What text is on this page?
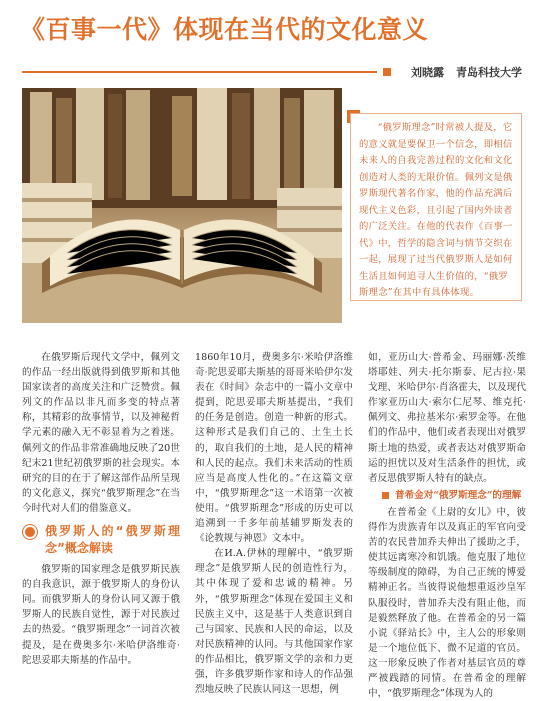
《百事一代》体现在当代的文化意义
刘晓露 青岛科技大学

“俄罗斯理念”时常被人提及，它的意义就是要保卫一个信念，即相信未来人的自我完善过程的文化和文化创造对人类的无限价值。佩列文是俄罗斯现代著名作家，他的作品充满后现代主义色彩，且引起了国内外读者的广泛关注。在他的代表作《百事一代》中，哲学的隐含词与情节交织在一起，展现了过当代俄罗斯人是如何生活且如何追寻人生价值的，“俄罗斯理念”在其中有具体体现。

在俄罗斯后现代文学中，佩列文的作品一经出版就得到俄罗斯和其他国家读者的高度关注和广泛赞赏。佩列文的作品以非凡而多变的特点著称，其精彩的故事情节，以及神秘哲学元素的融入无不彰显着为之着迷。佩列文的作品非常准确地反映了20世纪末21世纪初俄罗斯的社会现实。本研究的目的在于了解这部作品所呈现的文化意义，探究“俄罗斯理念”在当今时代对人们的借鉴意义。

俄罗斯人的“俄罗斯理念”概念解读

俄罗斯的国家理念是俄罗斯民族的自我意识，源于俄罗斯人的身份认同。而俄罗斯人的身份认同又源于俄罗斯人的民族自觉性，源于对民族过去的热爱。“俄罗斯理念”一词首次被提及，是在费奥多尔·米哈伊洛维奇·陀思妥耶夫斯基的作品中。

1860年10月，费奥多尔·米哈伊洛维奇·陀思妥耶夫斯基的哥哥米哈伊尔发表在《时间》杂志中的一篇小文章中提到，陀思妥耶夫斯基提出，“我们的任务是创造。创造一种新的形式。这种形式是我们自己的、土生土长的，取自我们的土地，是人民的精神和人民的起点。我们未来活动的性质应当是高度人性化的。”在这篇文章中，“俄罗斯理念”这一术语第一次被使用。“俄罗斯理念”形成的历史可以追溯到一千多年前基辅罗斯发表的《论教规与神恩》文本中。

在И.А.伊林的理解中，“俄罗斯理念”是俄罗斯人民的创造性行为，其中体现了爱和忠诚的精神。另外，“俄罗斯理念”体现在爱国主义和民族主义中，这是基于人类意识到自己与国家、民族和人民的命运，以及对民族精神的认同。与其他国家作家的作品相比，俄罗斯文学的亲和力更强，许多俄罗斯作家和诗人的作品强烈地反映了民族认同这一思想，例

如，亚历山大·普希金、玛丽娜·茨维塔耶娃、列夫·托尔斯泰、尼古拉·果戈理、米哈伊尔·肖洛霍夫，以及现代作家亚历山大·索尔仁尼琴、维克托·佩列文、弗拉基米尔·索罗金等。在他们的作品中，他们或者表现出对俄罗斯土地的热爱，或者表达对俄罗斯命运的担忧以及对生活条件的担忧，或者反思俄罗斯人特有的缺点。

普希金对“俄罗斯理念”的理解

在普希金《上尉的女儿》中，彼得作为贵族青年以及真正的军官向受苦的农民普加乔夫伸出了援助之手，使其远离寒冷和饥饿。他克服了地位等级制度的障碍，为自己正统的博爱精神正名。当彼得说他想重返沙皇军队服役时，普加乔夫没有阻止他，而是毅然释放了他。在普希金的另一篇小说《驿站长》中，主人公的形象则是一个地位低下、微不足道的官员。这一形象反映了作者对基层官员的尊严被践踏的同情。在普希金的理解中，“俄罗斯理念”体现为人的
